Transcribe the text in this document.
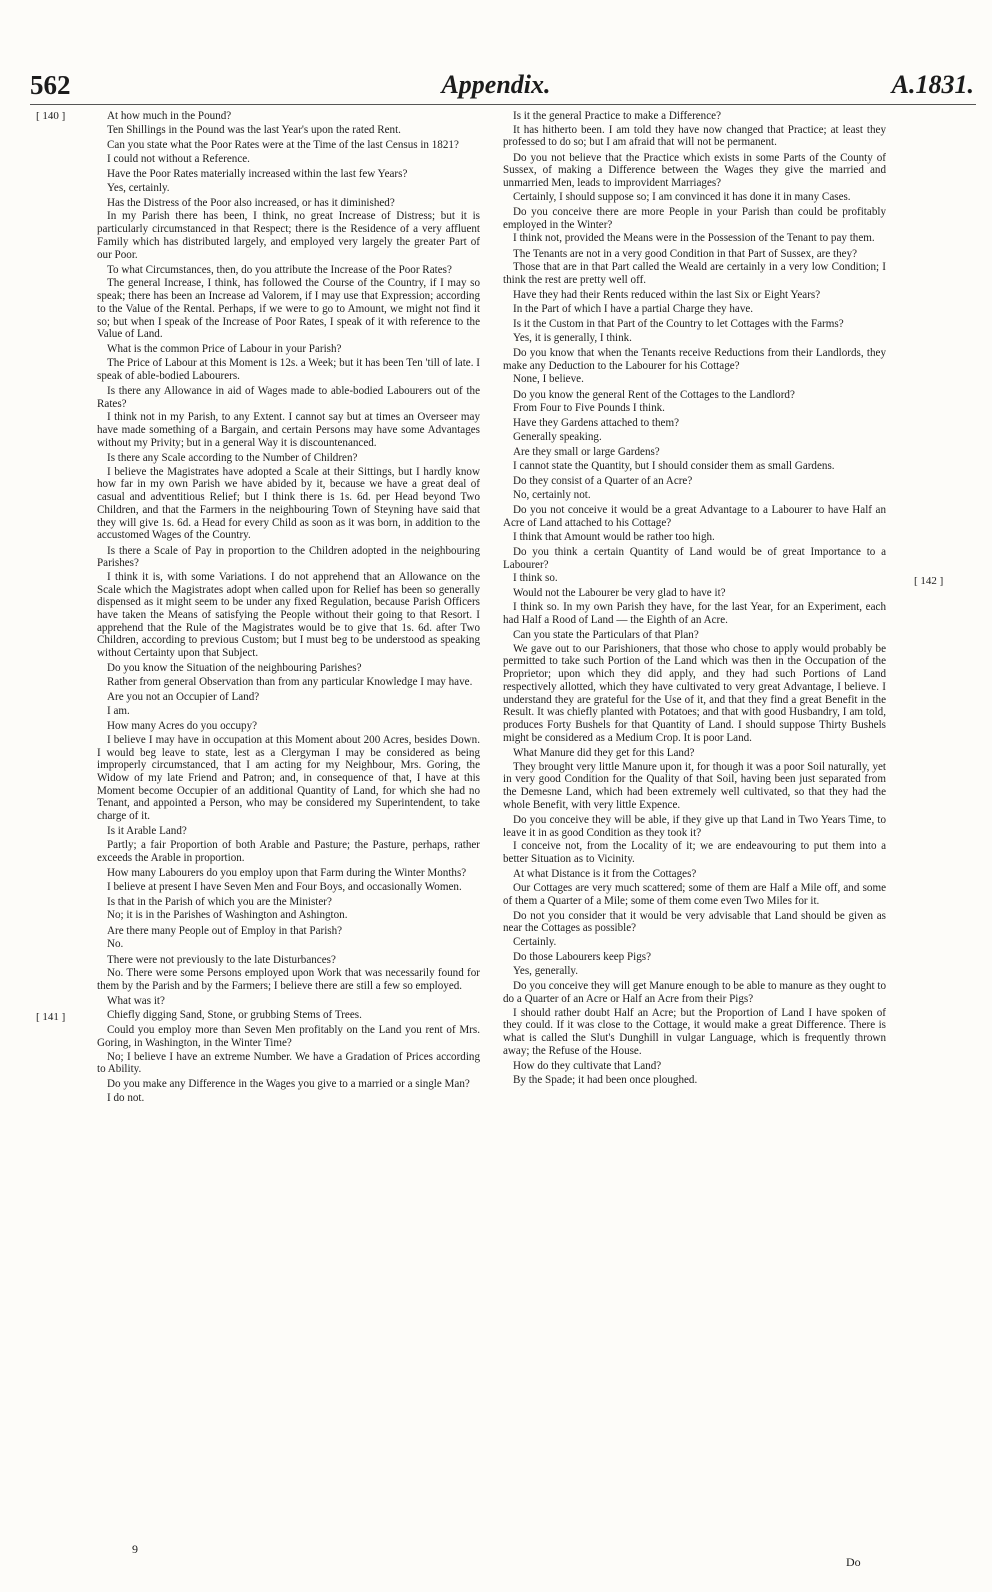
562	Appendix.	A.1831.
[ 140 ]
[ 141 ]
[ 142 ]
At how much in the Pound?
Ten Shillings in the Pound was the last Year's upon the rated Rent.
Can you state what the Poor Rates were at the Time of the last Census in 1821?
I could not without a Reference.
Have the Poor Rates materially increased within the last few Years?
Yes, certainly.
Has the Distress of the Poor also increased, or has it diminished?
In my Parish there has been, I think, no great Increase of Distress; but it is particularly circumstanced in that Respect; there is the Residence of a very affluent Family which has distributed largely, and employed very largely the greater Part of our Poor.
To what Circumstances, then, do you attribute the Increase of the Poor Rates?
The general Increase, I think, has followed the Course of the Country, if I may so speak; there has been an Increase ad Valorem, if I may use that Expression; according to the Value of the Rental. Perhaps, if we were to go to Amount, we might not find it so; but when I speak of the Increase of Poor Rates, I speak of it with reference to the Value of Land.
What is the common Price of Labour in your Parish?
The Price of Labour at this Moment is 12s. a Week; but it has been Ten 'till of late. I speak of able-bodied Labourers.
Is there any Allowance in aid of Wages made to able-bodied Labourers out of the Rates?
I think not in my Parish, to any Extent. I cannot say but at times an Overseer may have made something of a Bargain, and certain Persons may have some Advantages without my Privity; but in a general Way it is discountenanced.
Is there any Scale according to the Number of Children?
I believe the Magistrates have adopted a Scale at their Sittings, but I hardly know how far in my own Parish we have abided by it, because we have a great deal of casual and adventitious Relief; but I think there is 1s. 6d. per Head beyond Two Children, and that the Farmers in the neighbouring Town of Steyning have said that they will give 1s. 6d. a Head for every Child as soon as it was born, in addition to the accustomed Wages of the Country.
Is there a Scale of Pay in proportion to the Children adopted in the neighbouring Parishes?
I think it is, with some Variations. I do not apprehend that an Allowance on the Scale which the Magistrates adopt when called upon for Relief has been so generally dispensed as it might seem to be under any fixed Regulation, because Parish Officers have taken the Means of satisfying the People without their going to that Resort. I apprehend that the Rule of the Magistrates would be to give that 1s. 6d. after Two Children, according to previous Custom; but I must beg to be understood as speaking without Certainty upon that Subject.
Do you know the Situation of the neighbouring Parishes?
Rather from general Observation than from any particular Knowledge I may have.
Are you not an Occupier of Land?
I am.
How many Acres do you occupy?
I believe I may have in occupation at this Moment about 200 Acres, besides Down. I would beg leave to state, lest as a Clergyman I may be considered as being improperly circumstanced, that I am acting for my Neighbour, Mrs. Goring, the Widow of my late Friend and Patron; and, in consequence of that, I have at this Moment become Occupier of an additional Quantity of Land, for which she had no Tenant, and appointed a Person, who may be considered my Superintendent, to take charge of it.
Is it Arable Land?
Partly; a fair Proportion of both Arable and Pasture; the Pasture, perhaps, rather exceeds the Arable in proportion.
How many Labourers do you employ upon that Farm during the Winter Months?
I believe at present I have Seven Men and Four Boys, and occasionally Women.
Is that in the Parish of which you are the Minister?
No; it is in the Parishes of Washington and Ashington.
Are there many People out of Employ in that Parish?
No.
There were not previously to the late Disturbances?
No. There were some Persons employed upon Work that was necessarily found for them by the Parish and by the Farmers; I believe there are still a few so employed.
What was it?
Chiefly digging Sand, Stone, or grubbing Stems of Trees.
Could you employ more than Seven Men profitably on the Land you rent of Mrs. Goring, in Washington, in the Winter Time?
No; I believe I have an extreme Number. We have a Gradation of Prices according to Ability.
Do you make any Difference in the Wages you give to a married or a single Man?
I do not.
Is it the general Practice to make a Difference?
It has hitherto been. I am told they have now changed that Practice; at least they professed to do so; but I am afraid that will not be permanent.
Do you not believe that the Practice which exists in some Parts of the County of Sussex, of making a Difference between the Wages they give the married and unmarried Men, leads to improvident Marriages?
Certainly, I should suppose so; I am convinced it has done it in many Cases.
Do you conceive there are more People in your Parish than could be profitably employed in the Winter?
I think not, provided the Means were in the Possession of the Tenant to pay them.
The Tenants are not in a very good Condition in that Part of Sussex, are they?
Those that are in that Part called the Weald are certainly in a very low Condition; I think the rest are pretty well off.
Have they had their Rents reduced within the last Six or Eight Years?
In the Part of which I have a partial Charge they have.
Is it the Custom in that Part of the Country to let Cottages with the Farms?
Yes, it is generally, I think.
Do you know that when the Tenants receive Reductions from their Landlords, they make any Deduction to the Labourer for his Cottage?
None, I believe.
Do you know the general Rent of the Cottages to the Landlord?
From Four to Five Pounds I think.
Have they Gardens attached to them?
Generally speaking.
Are they small or large Gardens?
I cannot state the Quantity, but I should consider them as small Gardens.
Do they consist of a Quarter of an Acre?
No, certainly not.
Do you not conceive it would be a great Advantage to a Labourer to have Half an Acre of Land attached to his Cottage?
I think that Amount would be rather too high.
Do you think a certain Quantity of Land would be of great Importance to a Labourer?
I think so.
Would not the Labourer be very glad to have it?
I think so. In my own Parish they have, for the last Year, for an Experiment, each had Half a Rood of Land — the Eighth of an Acre.
Can you state the Particulars of that Plan?
We gave out to our Parishioners, that those who chose to apply would probably be permitted to take such Portion of the Land which was then in the Occupation of the Proprietor; upon which they did apply, and they had such Portions of Land respectively allotted, which they have cultivated to very great Advantage, I believe. I understand they are grateful for the Use of it, and that they find a great Benefit in the Result. It was chiefly planted with Potatoes; and that with good Husbandry, I am told, produces Forty Bushels for that Quantity of Land. I should suppose Thirty Bushels might be considered as a Medium Crop. It is poor Land.
What Manure did they get for this Land?
They brought very little Manure upon it, for though it was a poor Soil naturally, yet in very good Condition for the Quality of that Soil, having been just separated from the Demesne Land, which had been extremely well cultivated, so that they had the whole Benefit, with very little Expence.
Do you conceive they will be able, if they give up that Land in Two Years Time, to leave it in as good Condition as they took it?
I conceive not, from the Locality of it; we are endeavouring to put them into a better Situation as to Vicinity.
At what Distance is it from the Cottages?
Our Cottages are very much scattered; some of them are Half a Mile off, and some of them a Quarter of a Mile; some of them come even Two Miles for it.
Do not you consider that it would be very advisable that Land should be given as near the Cottages as possible?
Certainly.
Do those Labourers keep Pigs?
Yes, generally.
Do you conceive they will get Manure enough to be able to manure as they ought to do a Quarter of an Acre or Half an Acre from their Pigs?
I should rather doubt Half an Acre; but the Proportion of Land I have spoken of they could. If it was close to the Cottage, it would make a great Difference. There is what is called the Slut's Dunghill in vulgar Language, which is frequently thrown away; the Refuse of the House.
How do they cultivate that Land?
By the Spade; it had been once ploughed.
9
Do
